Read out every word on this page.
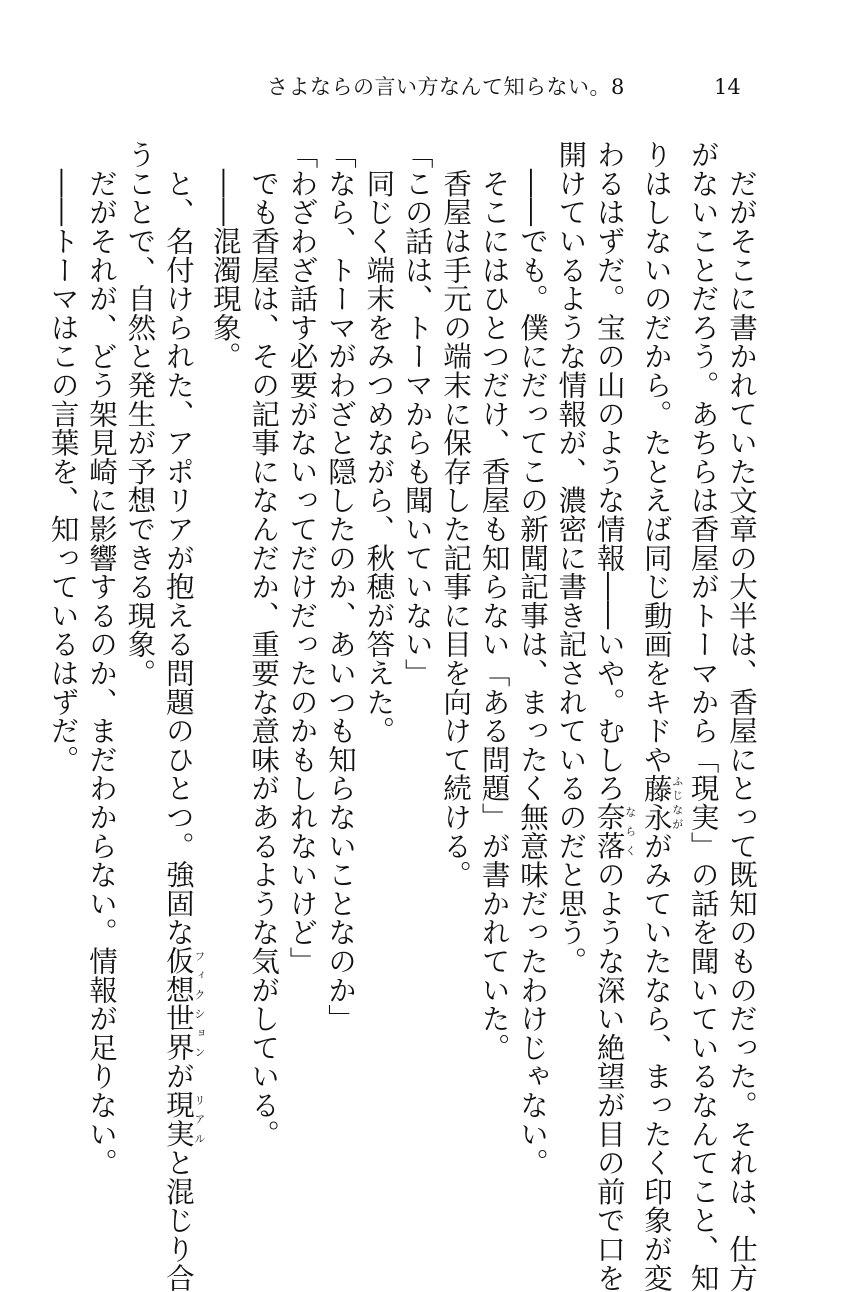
さよならの言い方なんて知らない。8	14
　だがそこに書かれていた文章の大半は、香屋にとって既知のものだった。それは、仕方
がないことだろう。あちらは香屋がトーマから「現実」の話を聞いているなんてこと、知
りはしないのだから。たとえば同じ動画をキドや藤永ふじなががみていたなら、まったく印象が変
わるはずだ。宝の山のような情報――いや。むしろ奈落ならくのような深い絶望が目の前で口を
開けているような情報が、濃密に書き記されているのだと思う。
　――でも。僕にだってこの新聞記事は、まったく無意味だったわけじゃない。
　そこにはひとつだけ、香屋も知らない「ある問題」が書かれていた。
　香屋は手元の端末に保存した記事に目を向けて続ける。
「この話は、トーマからも聞いていない」
　同じく端末をみつめながら、秋穂が答えた。
「なら、トーマがわざと隠したのか、あいつも知らないことなのか」
「わざわざ話す必要がないってだけだったのかもしれないけど」
　でも香屋は、その記事になんだか、重要な意味があるような気がしている。
　――混濁現象。
　と、名付けられた、アポリアが抱える問題のひとつ。強固な仮想世界フィクションが現実リアルと混じり合
うことで、自然と発生が予想できる現象。
　だがそれが、どう架見崎に影響するのか、まだわからない。情報が足りない。
　――トーマはこの言葉を、知っているはずだ。
